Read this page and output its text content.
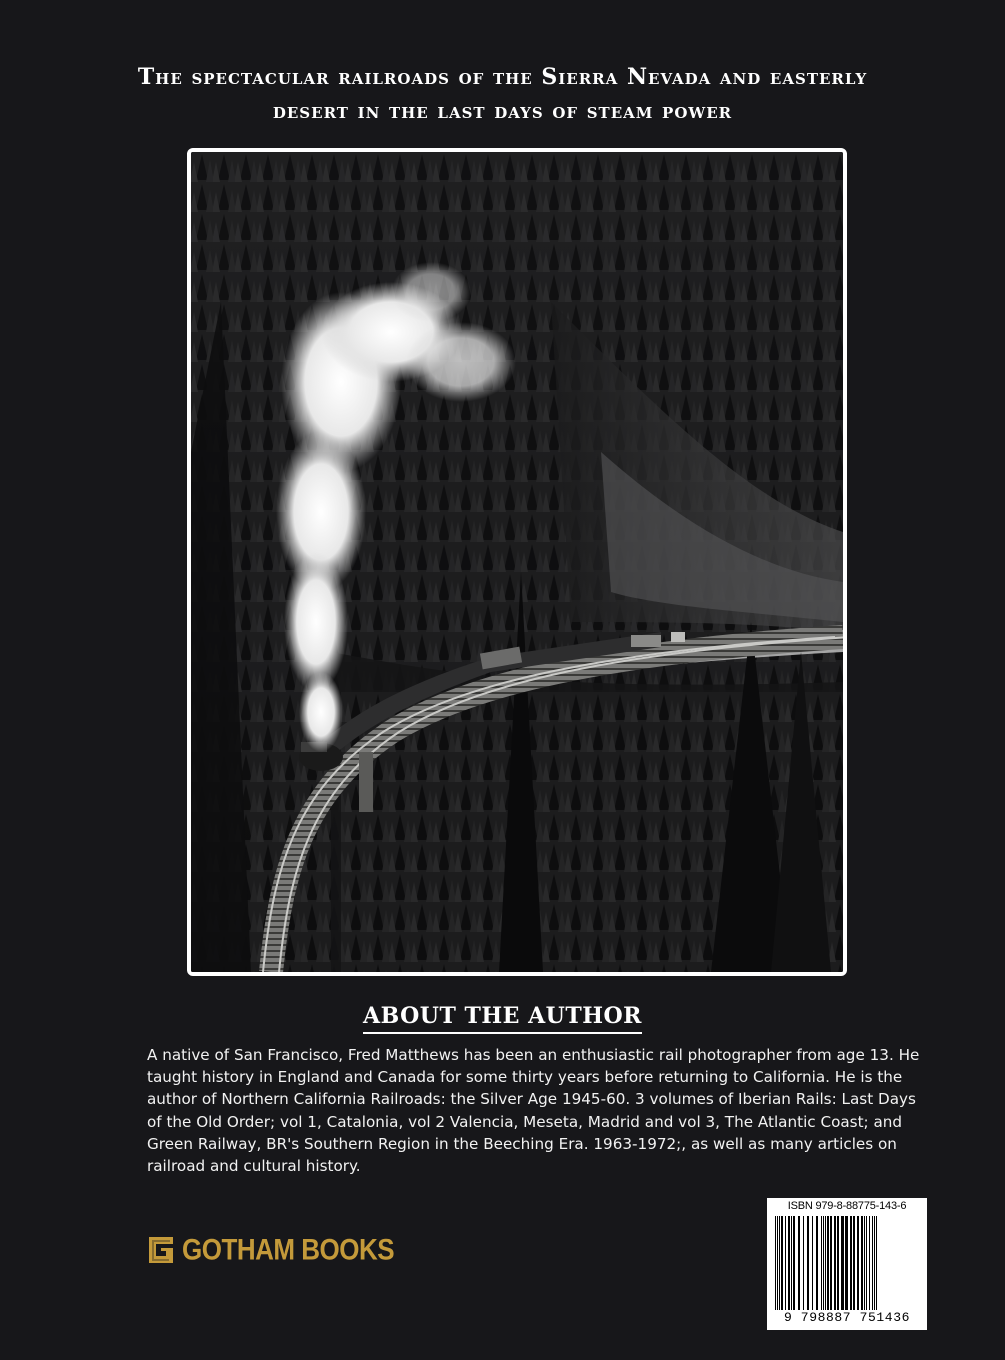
The spectacular railroads of the Sierra Nevada and easterly
desert in the last days of steam power
ABOUT THE AUTHOR
A native of San Francisco, Fred Matthews has been an enthusiastic rail photographer from age 13. He taught history in England and Canada for some thirty years before returning to California. He is the author of Northern California Railroads: the Silver Age 1945-60. 3 volumes of Iberian Rails: Last Days of the Old Order; vol 1, Catalonia, vol 2 Valencia, Meseta, Madrid and vol 3, The Atlantic Coast; and Green Railway, BR's Southern Region in the Beeching Era. 1963-1972;, as well as many articles on railroad and cultural history.
GOTHAM BOOKS
ISBN 979-8-88775-143-6
9 798887 751436
